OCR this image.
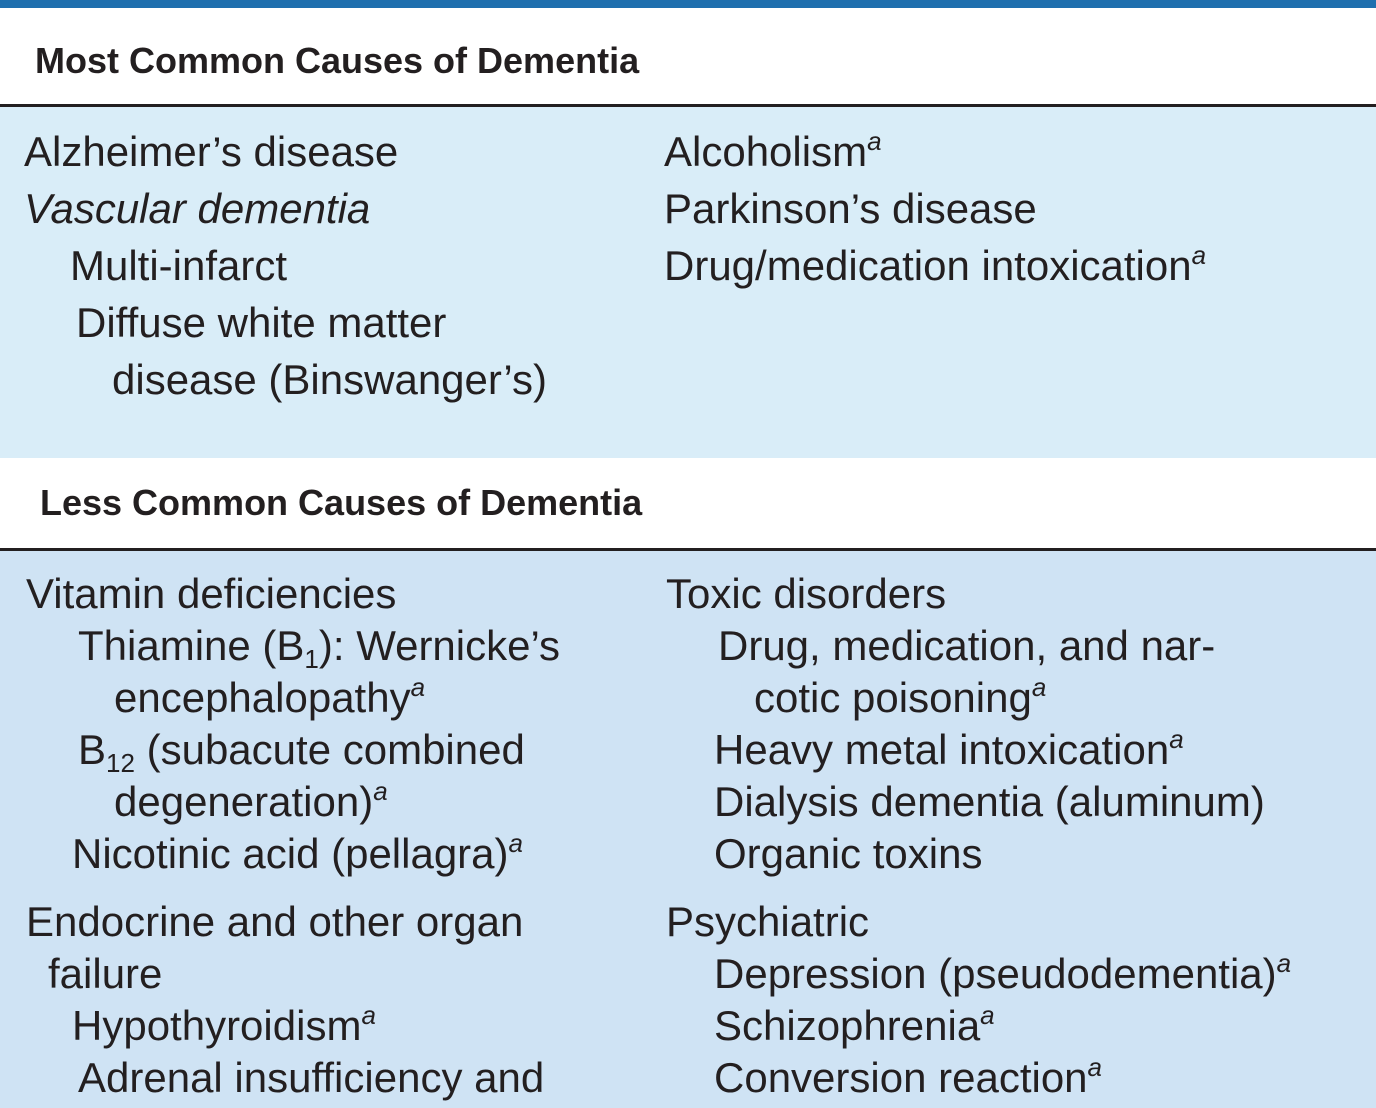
Most Common Causes of Dementia
Alzheimer’s disease
Vascular dementia
Multi-infarct
Diffuse white matter
disease (Binswanger’s)
Alcoholism$^a$
Parkinson’s disease
Drug/medication intoxication$^a$
Less Common Causes of Dementia
Vitamin deficiencies
Thiamine $(B_1)$: Wernicke’s
encephalopathy$^a$
$B_{12}$ (subacute combined
degeneration)$^a$
Nicotinic acid (pellagra)$^a$
Endocrine and other organ
failure
Hypothyroidism$^a$
Adrenal insufficiency and
Toxic disorders
Drug, medication, and nar-
cotic poisoning$^a$
Heavy metal intoxication$^a$
Dialysis dementia (aluminum)
Organic toxins
Psychiatric
Depression (pseudodementia)$^a$
Schizophrenia$^a$
Conversion reaction$^a$
